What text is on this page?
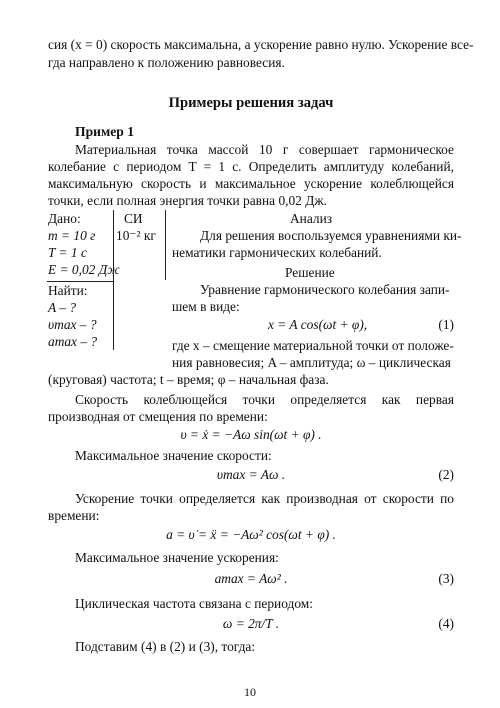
сия (x = 0) скорость максимальна, а ускорение равно нулю. Ускорение все-
гда направлено к положению равновесия.
Примеры решения задач
Пример 1

Материальная точка массой 10 г совершает гармоническое колебание с периодом T = 1 с. Определить амплитуду колебаний, максимальную скорость и максимальное ускорение колеблющейся точки, если полная энергия точки равна 0,02 Дж.

Дано:	СИ
m = 10 г 10⁻² кг
T = 1 с
E = 0,02 Дж
Найти:
A – ?
υmax – ?
amax – ?
Анализ
Для решения воспользуемся уравнениями ки-
нематики гармонических колебаний.
Решение
Уравнение гармонического колебания запи-
шем в виде:
x = A cos(ωt + φ),	(1)
где x – смещение материальной точки от положе-
ния равновесия; A – амплитуда; ω – циклическая
(круговая) частота; t – время; φ – начальная фаза.

Скорость колеблющейся точки определяется как первая производная от смещения по времени:

υ = ẋ = −Aω sin(ωt + φ) .
Максимальное значение скорости:
υmax = Aω .	(2)

Ускорение точки определяется как производная от скорости по времени:

a = υ̇ = ẍ = −Aω² cos(ωt + φ) .
Максимальное значение ускорения:
amax = Aω² .	(3)
Циклическая частота связана с периодом:
ω = 2π/T .	(4)
Подставим (4) в (2) и (3), тогда:
10
